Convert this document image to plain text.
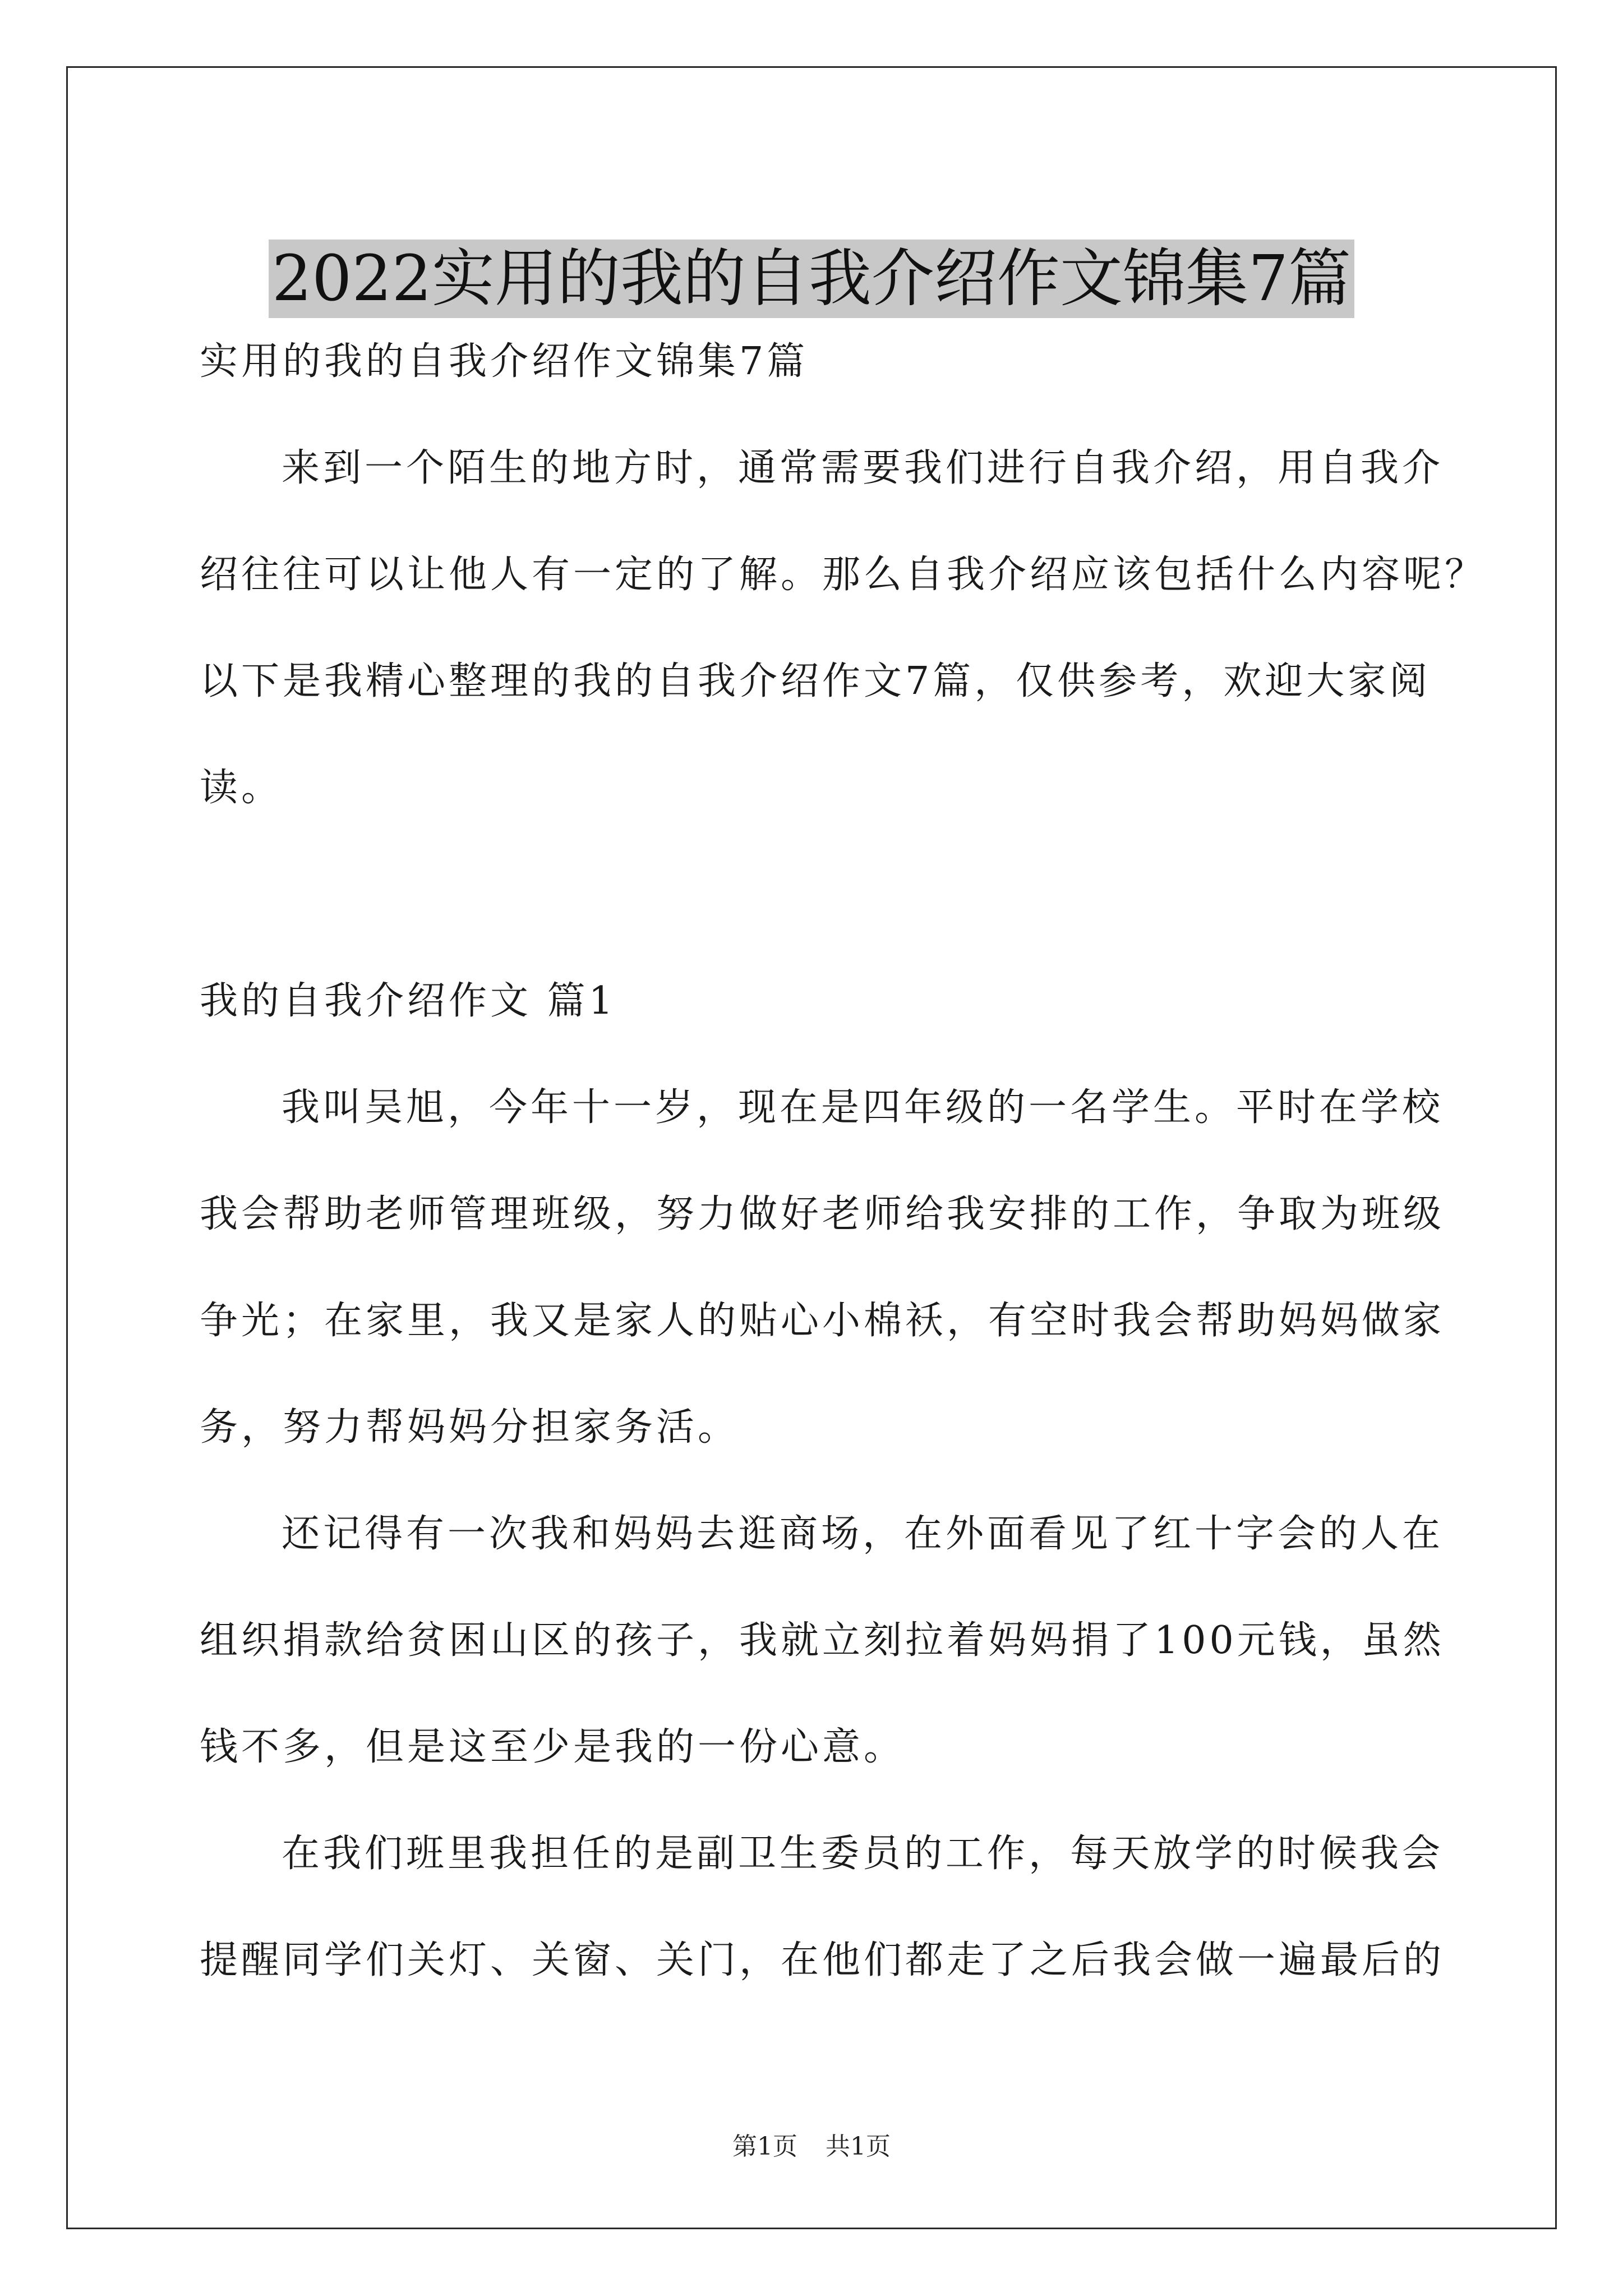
2022实用的我的自我介绍作文锦集7篇
实用的我的自我介绍作文锦集7篇
来到一个陌生的地方时，通常需要我们进行自我介绍，用自我介
绍往往可以让他人有一定的了解。那么自我介绍应该包括什么内容呢？
以下是我精心整理的我的自我介绍作文7篇，仅供参考，欢迎大家阅
读。
我的自我介绍作文 篇1
我叫吴旭，今年十一岁，现在是四年级的一名学生。平时在学校
我会帮助老师管理班级，努力做好老师给我安排的工作，争取为班级
争光；在家里，我又是家人的贴心小棉袄，有空时我会帮助妈妈做家
务，努力帮妈妈分担家务活。
还记得有一次我和妈妈去逛商场，在外面看见了红十字会的人在
组织捐款给贫困山区的孩子，我就立刻拉着妈妈捐了100元钱，虽然
钱不多，但是这至少是我的一份心意。
在我们班里我担任的是副卫生委员的工作，每天放学的时候我会
提醒同学们关灯、关窗、关门，在他们都走了之后我会做一遍最后的
第1页 共1页
